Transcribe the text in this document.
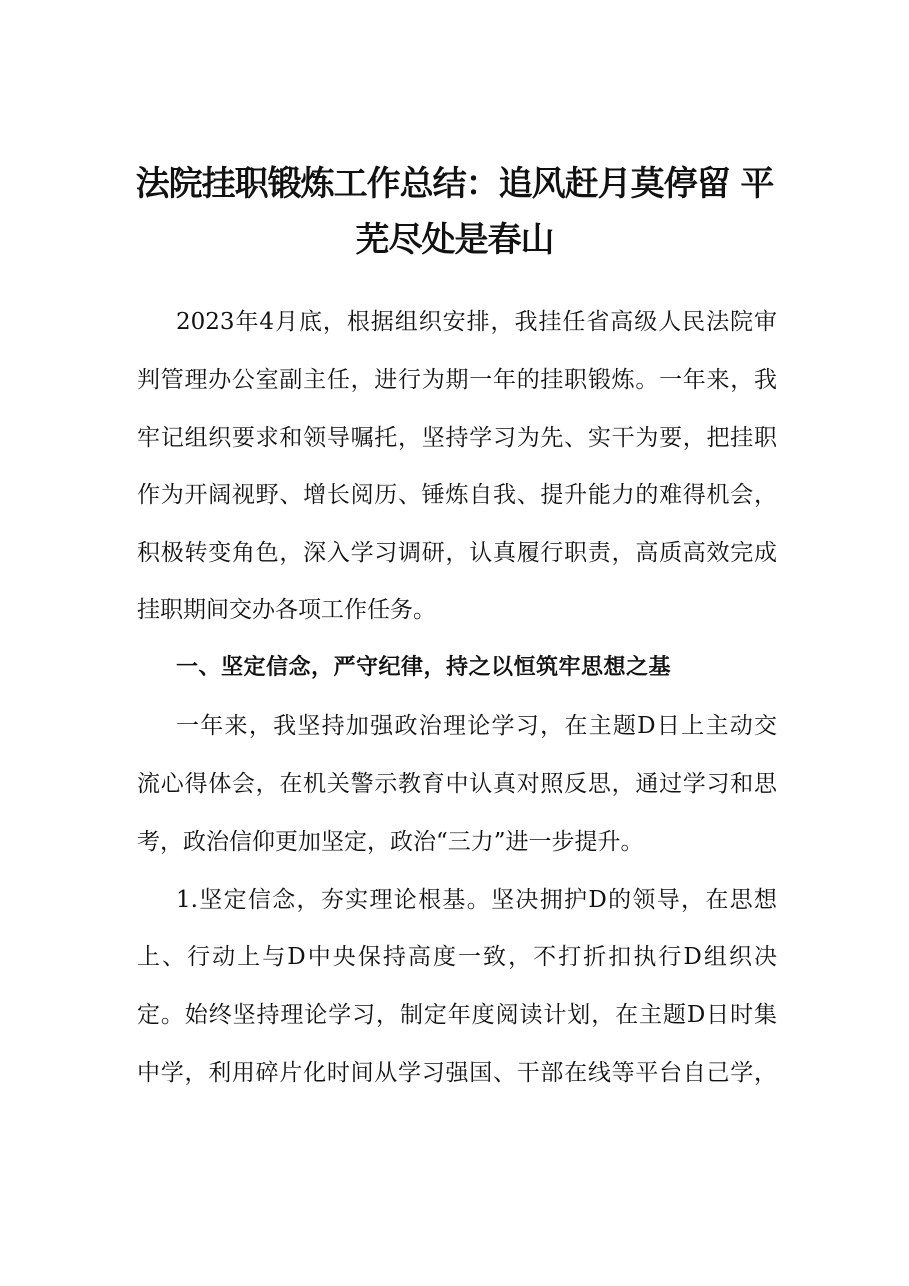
法院挂职锻炼工作总结：追风赶月莫停留 平
芜尽处是春山
2023年4月底，根据组织安排，我挂任省高级人民法院审
判管理办公室副主任，进行为期一年的挂职锻炼。一年来，我
牢记组织要求和领导嘱托，坚持学习为先、实干为要，把挂职
作为开阔视野、增长阅历、锤炼自我、提升能力的难得机会，
积极转变角色，深入学习调研，认真履行职责，高质高效完成
挂职期间交办各项工作任务。
一、坚定信念，严守纪律，持之以恒筑牢思想之基
一年来，我坚持加强政治理论学习，在主题D日上主动交
流心得体会，在机关警示教育中认真对照反思，通过学习和思
考，政治信仰更加坚定，政治“三力”进一步提升。
1.坚定信念，夯实理论根基。坚决拥护D的领导，在思想
上、行动上与D中央保持高度一致，不打折扣执行D组织决
定。始终坚持理论学习，制定年度阅读计划，在主题D日时集
中学，利用碎片化时间从学习强国、干部在线等平台自己学，
